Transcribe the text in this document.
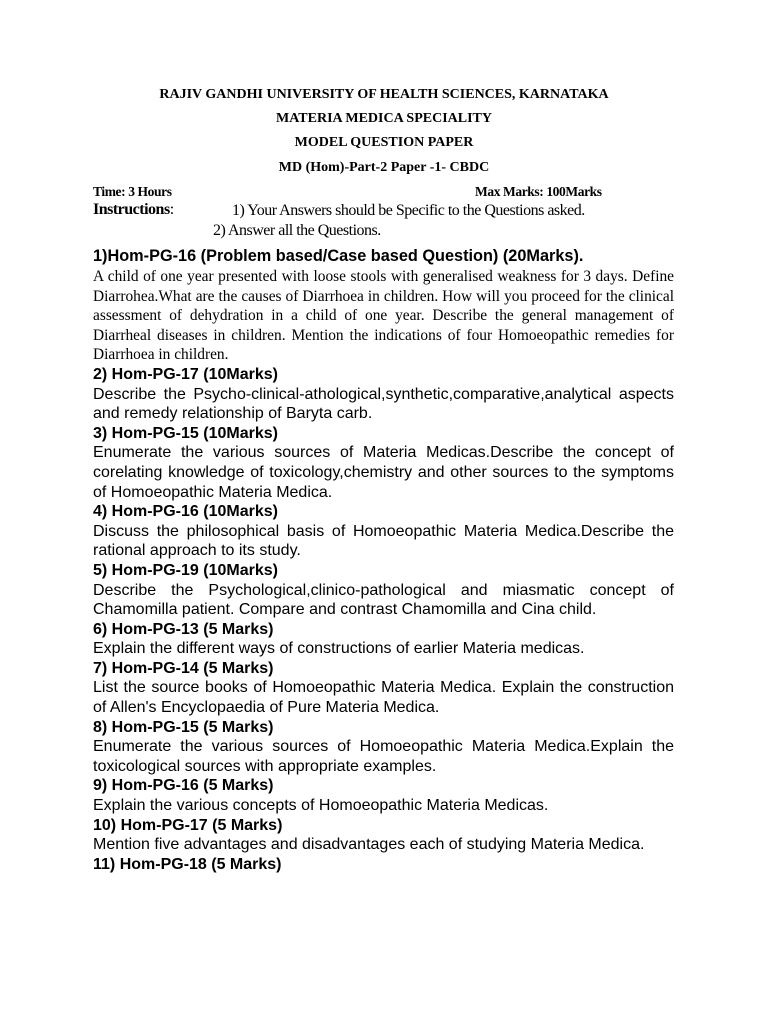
RAJIV GANDHI UNIVERSITY OF HEALTH SCIENCES, KARNATAKA
MATERIA MEDICA SPECIALITY
MODEL QUESTION PAPER
MD (Hom)-Part-2 Paper -1- CBDC
Time: 3 Hours	Max Marks: 100Marks
Instructions:	1) Your Answers should be Specific to the Questions asked.
2) Answer all the Questions.

1)Hom-PG-16 (Problem based/Case based Question) (20Marks).

A child of one year presented with loose stools with generalised weakness for 3 days. Define Diarrohea.What are the causes of Diarrhoea in children. How will you proceed for the clinical assessment of dehydration in a child of one year. Describe the general management of Diarrheal diseases in children. Mention the indications of four Homoeopathic remedies for Diarrhoea in children.

2) Hom-PG-17 (10Marks)

Describe the Psycho-clinical-athological,synthetic,comparative,analytical aspects and remedy relationship of Baryta carb.

3) Hom-PG-15 (10Marks)

Enumerate the various sources of Materia Medicas.Describe the concept of corelating knowledge of toxicology,chemistry and other sources to the symptoms of Homoeopathic Materia Medica.

4) Hom-PG-16 (10Marks)

Discuss the philosophical basis of Homoeopathic Materia Medica.Describe the rational approach to its study.

5) Hom-PG-19 (10Marks)

Describe the Psychological,clinico-pathological and miasmatic concept of Chamomilla patient. Compare and contrast Chamomilla and Cina child.

6) Hom-PG-13 (5 Marks)

Explain the different ways of constructions of earlier Materia medicas.

7) Hom-PG-14 (5 Marks)

List the source books of Homoeopathic Materia Medica. Explain the construction of Allen's Encyclopaedia of Pure Materia Medica.

8) Hom-PG-15 (5 Marks)

Enumerate the various sources of Homoeopathic Materia Medica.Explain the toxicological sources with appropriate examples.

9) Hom-PG-16 (5 Marks)

Explain the various concepts of Homoeopathic Materia Medicas.

10) Hom-PG-17 (5 Marks)

Mention five advantages and disadvantages each of studying Materia Medica.

11) Hom-PG-18 (5 Marks)
